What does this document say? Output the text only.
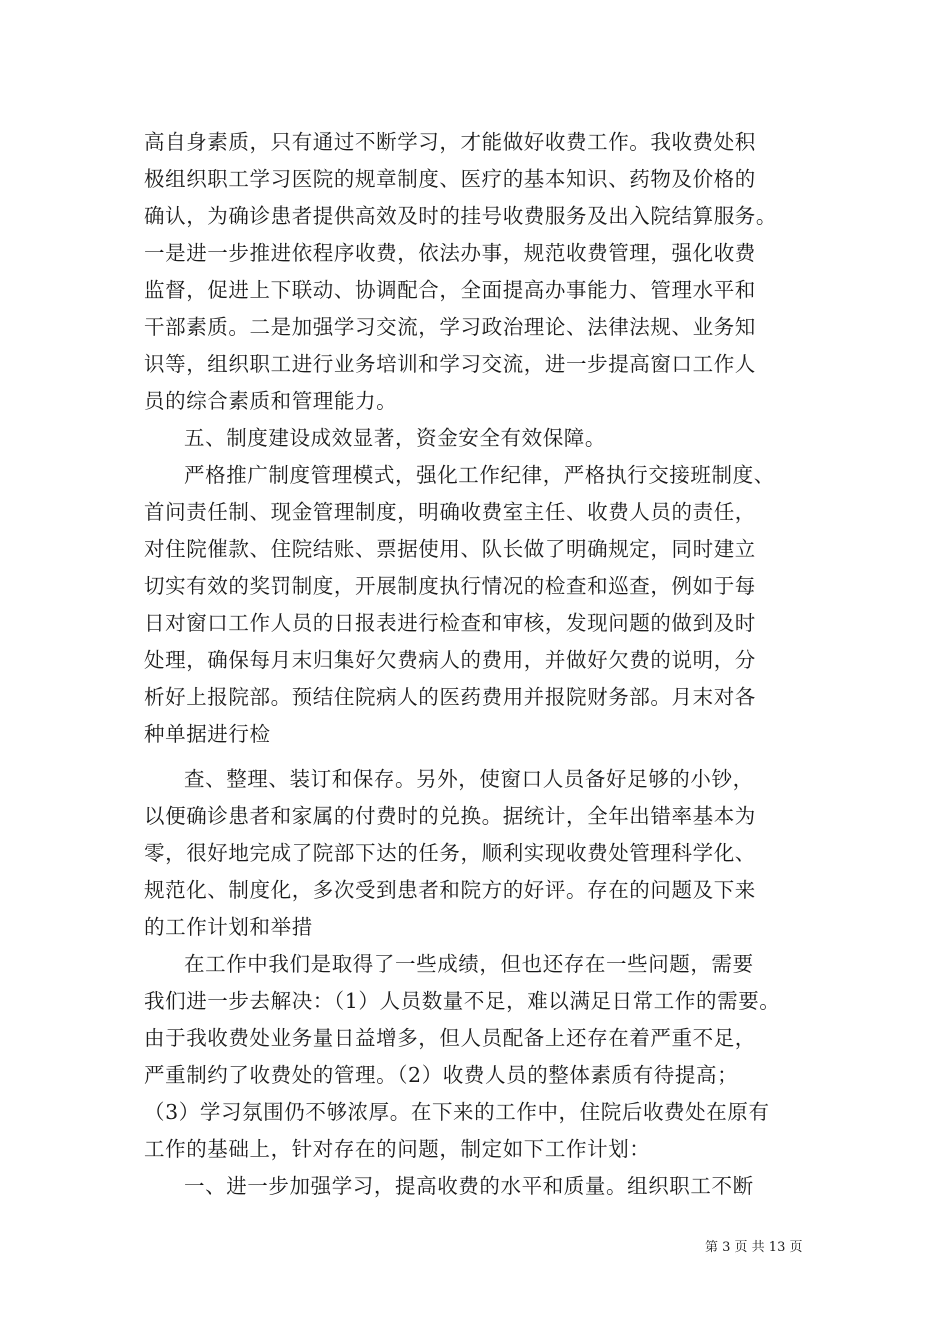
高自身素质，只有通过不断学习，才能做好收费工作。我收费处积
极组织职工学习医院的规章制度、医疗的基本知识、药物及价格的
确认，为确诊患者提供高效及时的挂号收费服务及出入院结算服务。
一是进一步推进依程序收费，依法办事，规范收费管理，强化收费
监督，促进上下联动、协调配合，全面提高办事能力、管理水平和
干部素质。二是加强学习交流，学习政治理论、法律法规、业务知
识等，组织职工进行业务培训和学习交流，进一步提高窗口工作人
员的综合素质和管理能力。
五、制度建设成效显著，资金安全有效保障。
严格推广制度管理模式，强化工作纪律，严格执行交接班制度、
首问责任制、现金管理制度，明确收费室主任、收费人员的责任，
对住院催款、住院结账、票据使用、队长做了明确规定，同时建立
切实有效的奖罚制度，开展制度执行情况的检查和巡查，例如于每
日对窗口工作人员的日报表进行检查和审核，发现问题的做到及时
处理，确保每月末归集好欠费病人的费用，并做好欠费的说明，分
析好上报院部。预结住院病人的医药费用并报院财务部。月末对各
种单据进行检
查、整理、装订和保存。另外，使窗口人员备好足够的小钞，
以便确诊患者和家属的付费时的兑换。据统计，全年出错率基本为
零，很好地完成了院部下达的任务，顺利实现收费处管理科学化、
规范化、制度化，多次受到患者和院方的好评。存在的问题及下来
的工作计划和举措
在工作中我们是取得了一些成绩，但也还存在一些问题，需要
我们进一步去解决：（1）人员数量不足，难以满足日常工作的需要。
由于我收费处业务量日益增多，但人员配备上还存在着严重不足，
严重制约了收费处的管理。（2）收费人员的整体素质有待提高；
（3）学习氛围仍不够浓厚。在下来的工作中，住院后收费处在原有
工作的基础上，针对存在的问题，制定如下工作计划：
一、进一步加强学习，提高收费的水平和质量。组织职工不断
第 3 页 共 13 页
